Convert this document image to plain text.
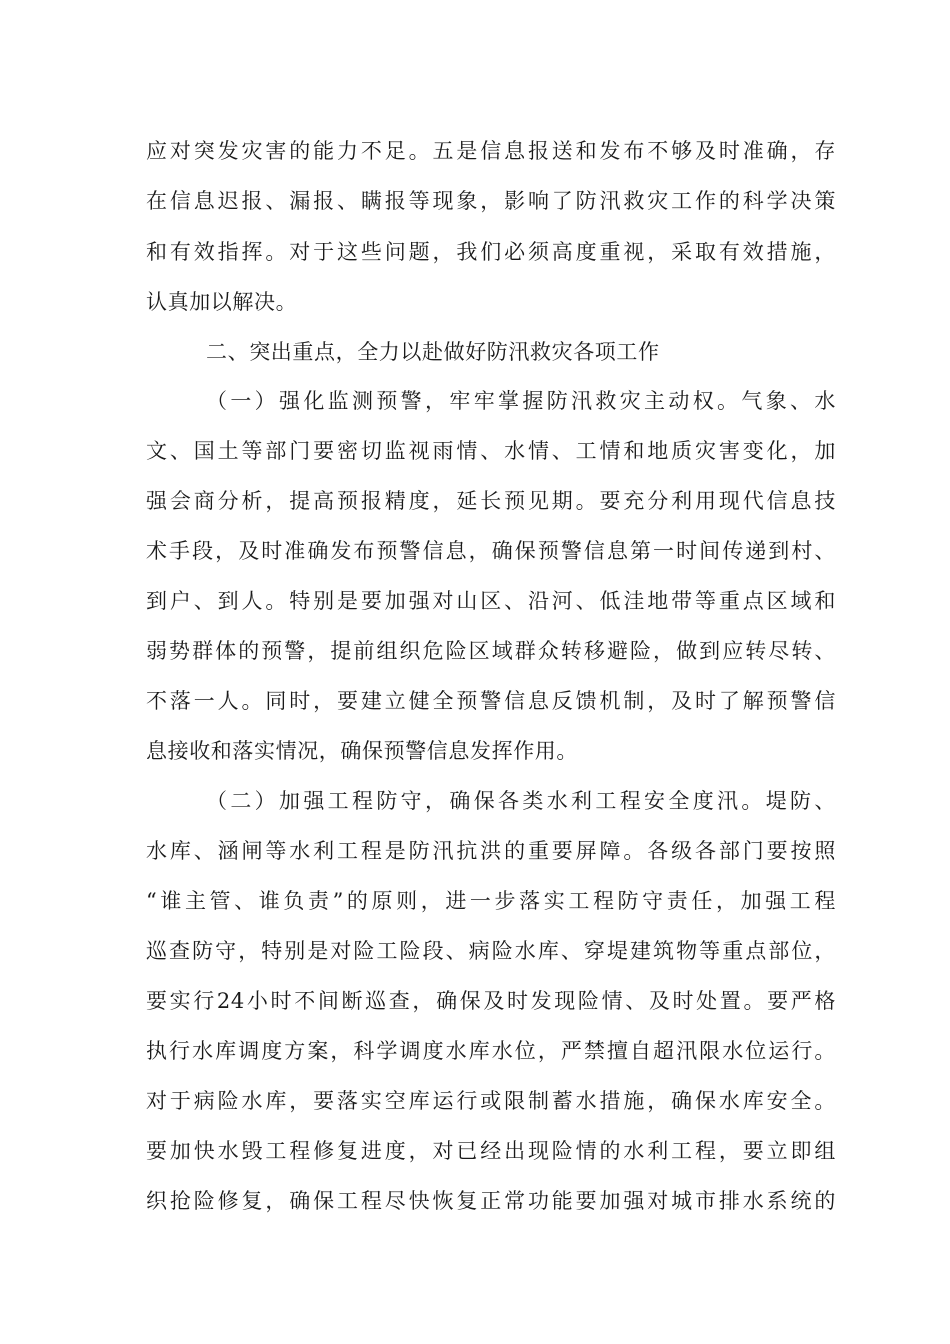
应对突发灾害的能力不足。五是信息报送和发布不够及时准确，存
在信息迟报、漏报、瞒报等现象，影响了防汛救灾工作的科学决策
和有效指挥。对于这些问题，我们必须高度重视，采取有效措施，
认真加以解决。
二、突出重点，全力以赴做好防汛救灾各项工作
（一）强化监测预警，牢牢掌握防汛救灾主动权。气象、水
文、国土等部门要密切监视雨情、水情、工情和地质灾害变化，加
强会商分析，提高预报精度，延长预见期。要充分利用现代信息技
术手段，及时准确发布预警信息，确保预警信息第一时间传递到村、
到户、到人。特别是要加强对山区、沿河、低洼地带等重点区域和
弱势群体的预警，提前组织危险区域群众转移避险，做到应转尽转、
不落一人。同时，要建立健全预警信息反馈机制，及时了解预警信
息接收和落实情况，确保预警信息发挥作用。
（二）加强工程防守，确保各类水利工程安全度汛。堤防、
水库、涵闸等水利工程是防汛抗洪的重要屏障。各级各部门要按照
“谁主管、谁负责”的原则，进一步落实工程防守责任，加强工程
巡查防守，特别是对险工险段、病险水库、穿堤建筑物等重点部位，
要实行24小时不间断巡查，确保及时发现险情、及时处置。要严格
执行水库调度方案，科学调度水库水位，严禁擅自超汛限水位运行。
对于病险水库，要落实空库运行或限制蓄水措施，确保水库安全。
要加快水毁工程修复进度，对已经出现险情的水利工程，要立即组
织抢险修复，确保工程尽快恢复正常功能要加强对城市排水系统的
